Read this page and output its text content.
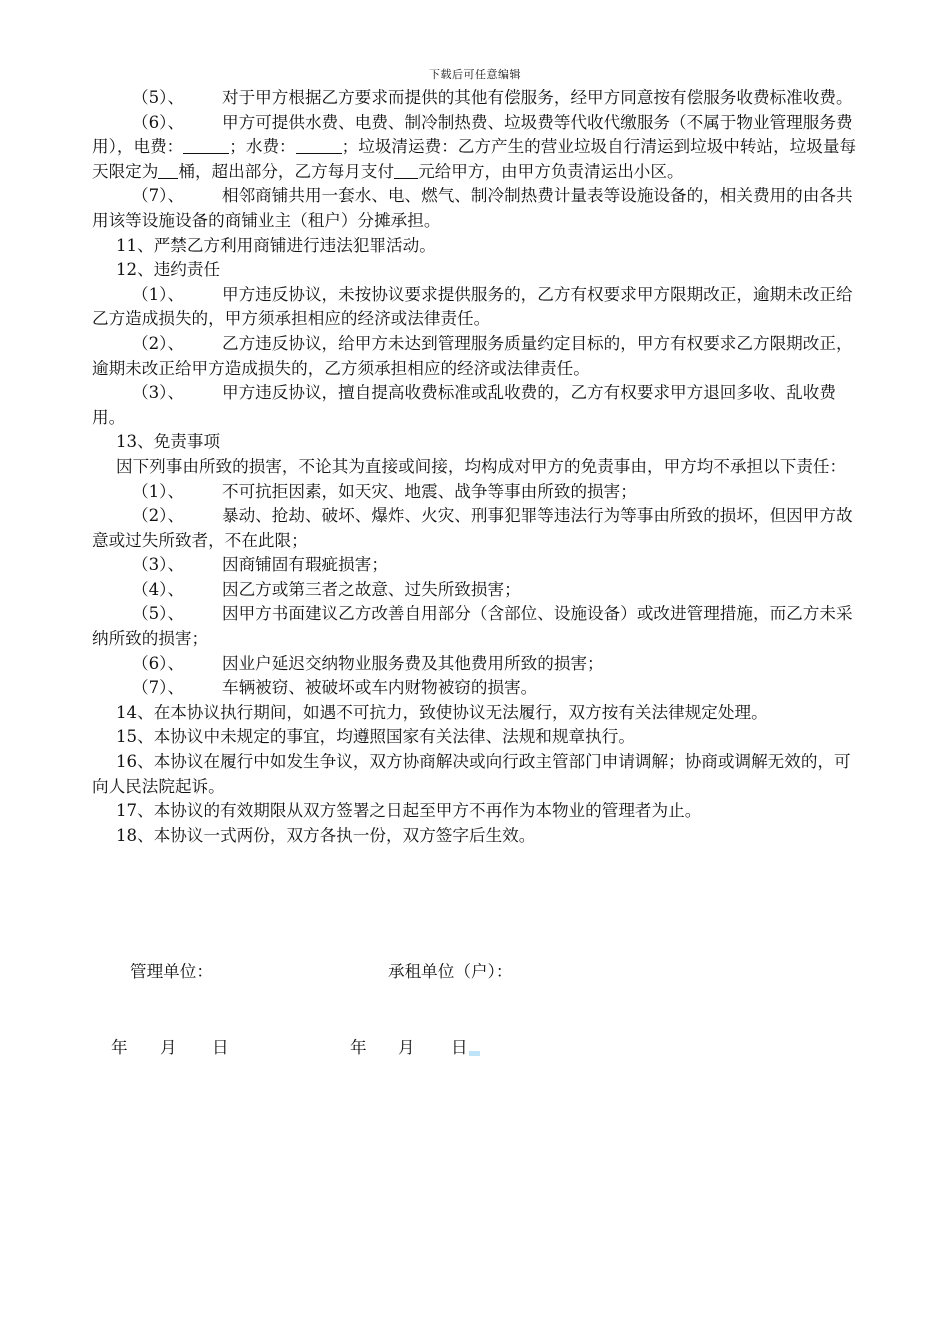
下载后可任意编辑

（5）、 对于甲方根据乙方要求而提供的其他有偿服务，经甲方同意按有偿服务收费标准收费。

（6）、 甲方可提供水费、电费、制冷制热费、垃圾费等代收代缴服务（不属于物业管理服务费用），电费：	；水费：	；垃圾清运费：乙方产生的营业垃圾自行清运到垃圾中转站，垃圾量每天限定为 桶，超出部分，乙方每月支付 元给甲方，由甲方负责清运出小区。

（7）、 相邻商铺共用一套水、电、燃气、制冷制热费计量表等设施设备的，相关费用的由各共用该等设施设备的商铺业主（租户）分摊承担。

11、严禁乙方利用商铺进行违法犯罪活动。

12、违约责任

（1）、 甲方违反协议，未按协议要求提供服务的，乙方有权要求甲方限期改正，逾期未改正给乙方造成损失的，甲方须承担相应的经济或法律责任。

（2）、 乙方违反协议，给甲方未达到管理服务质量约定目标的，甲方有权要求乙方限期改正，逾期未改正给甲方造成损失的，乙方须承担相应的经济或法律责任。

（3）、 甲方违反协议，擅自提高收费标准或乱收费的，乙方有权要求甲方退回多收、乱收费用。

13、免责事项

因下列事由所致的损害，不论其为直接或间接，均构成对甲方的免责事由，甲方均不承担以下责任：

（1）、 不可抗拒因素，如天灾、地震、战争等事由所致的损害；

（2）、 暴动、抢劫、破坏、爆炸、火灾、刑事犯罪等违法行为等事由所致的损坏，但因甲方故意或过失所致者，不在此限；

（3）、 因商铺固有瑕疵损害；

（4）、 因乙方或第三者之故意、过失所致损害；

（5）、 因甲方书面建议乙方改善自用部分（含部位、设施设备）或改进管理措施，而乙方未采纳所致的损害；

（6）、 因业户延迟交纳物业服务费及其他费用所致的损害；

（7）、 车辆被窃、被破坏或车内财物被窃的损害。

14、在本协议执行期间，如遇不可抗力，致使协议无法履行，双方按有关法律规定处理。

15、本协议中未规定的事宜，均遵照国家有关法律、法规和规章执行。

16、本协议在履行中如发生争议，双方协商解决或向行政主管部门申请调解；协商或调解无效的，可向人民法院起诉。

17、本协议的有效期限从双方签署之日起至甲方不再作为本物业的管理者为止。

18、本协议一式两份，双方各执一份，双方签字后生效。

管理单位：	承租单位（户）：
年 月 日	年 月 日
